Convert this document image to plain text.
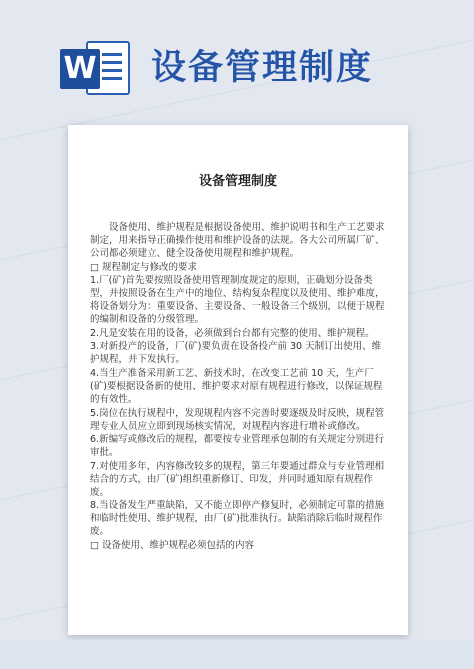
W 设备管理制度
设备管理制度

设备使用、维护规程是根据设备使用、维护说明书和生产工艺要求制定，用来指导正确操作使用和维护设备的法规。各大公司所属厂矿、公司都必须建立、健全设备使用规程和维护规程。

□ 规程制定与修改的要求

1.厂(矿)首先要按照设备使用管理制度规定的原则，正确划分设备类型，并按照设备在生产中的地位、结构复杂程度以及使用、维护难度，将设备划分为：重要设备、主要设备、一般设备三个级别，以便于规程的编制和设备的分级管理。

2.凡是安装在用的设备，必须做到台台都有完整的使用、维护规程。

3.对新投产的设备，厂(矿)要负责在设备投产前 30 天制订出使用、维护规程，并下发执行。

4.当生产准备采用新工艺、新技术时，在改变工艺前 10 天，生产厂(矿)要根据设备新的使用、维护要求对原有规程进行修改，以保证规程的有效性。

5.岗位在执行规程中，发现规程内容不完善时要逐级及时反映，规程管理专业人员应立即到现场核实情况，对规程内容进行增补或修改。

6.新编写或修改后的规程，都要按专业管理承包制的有关规定分别进行审批。

7.对使用多年，内容修改较多的规程，第三年要通过群众与专业管理相结合的方式，由厂(矿)组织重新修订、印发，并同时通知原有规程作废。

8.当设备发生严重缺陷，又不能立即停产修复时，必须制定可靠的措施和临时性使用、维护规程，由厂(矿)批准执行。缺陷消除后临时规程作废。

□ 设备使用、维护规程必须包括的内容
